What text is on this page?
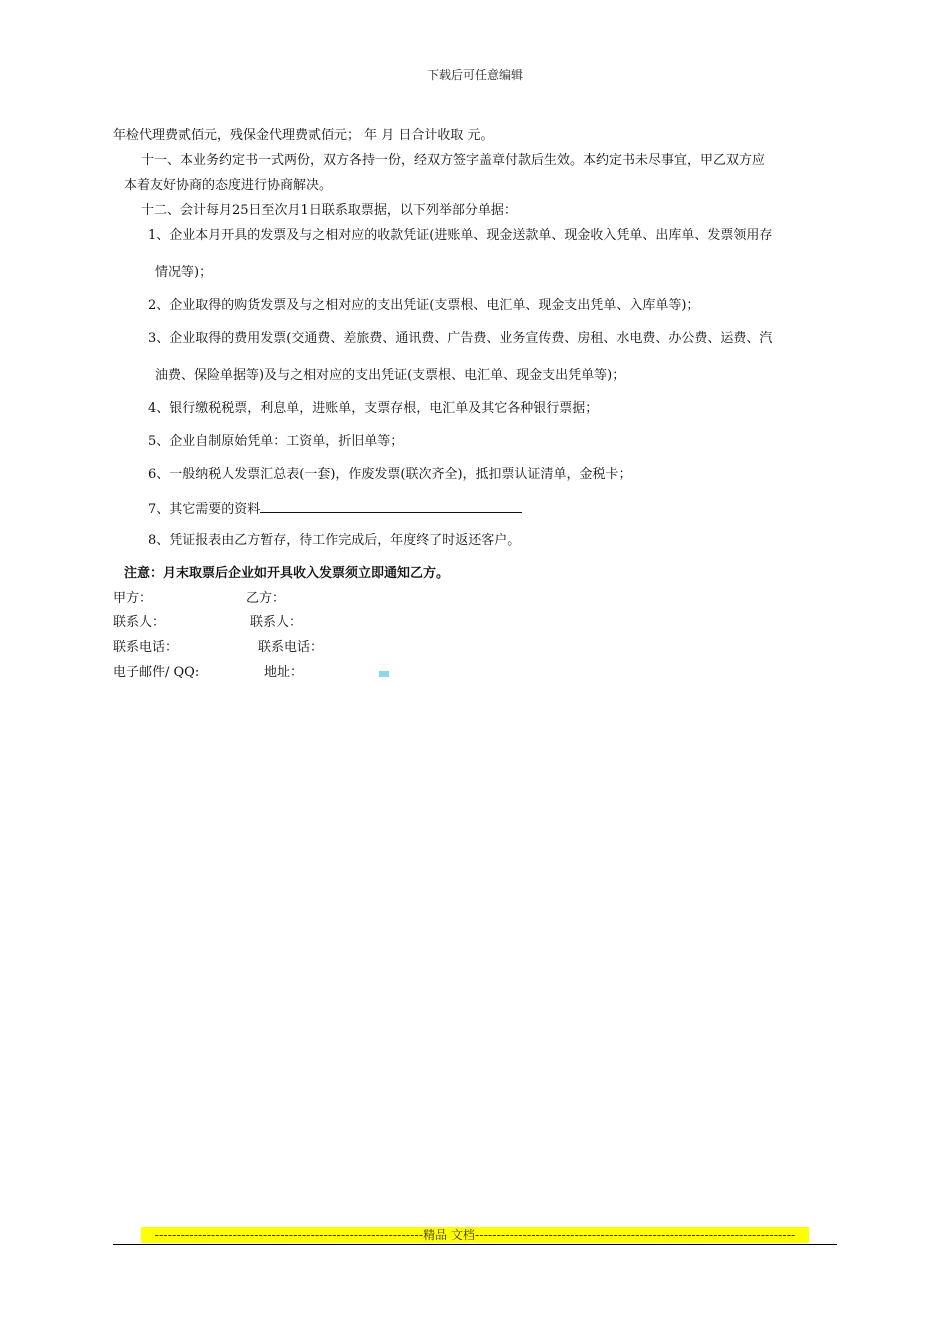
下载后可任意编辑
年检代理费贰佰元，残保金代理费贰佰元； 年 月 日合计收取 元。
十一、本业务约定书一式两份，双方各持一份，经双方签字盖章付款后生效。本约定书未尽事宜，甲乙双方应
本着友好协商的态度进行协商解决。
十二、会计每月25日至次月1日联系取票据，以下列举部分单据：
1、企业本月开具的发票及与之相对应的收款凭证(进账单、现金送款单、现金收入凭单、出库单、发票领用存
情况等)；
2、企业取得的购货发票及与之相对应的支出凭证(支票根、电汇单、现金支出凭单、入库单等)；
3、企业取得的费用发票(交通费、差旅费、通讯费、广告费、业务宣传费、房租、水电费、办公费、运费、汽
油费、保险单据等)及与之相对应的支出凭证(支票根、电汇单、现金支出凭单等)；
4、银行缴税税票，利息单，进账单，支票存根，电汇单及其它各种银行票据；
5、企业自制原始凭单：工资单，折旧单等；
6、一般纳税人发票汇总表(一套)，作废发票(联次齐全)，抵扣票认证清单，金税卡；
7、其它需要的资料
8、凭证报表由乙方暂存，待工作完成后，年度终了时返还客户。
注意：月末取票后企业如开具收入发票须立即通知乙方。
甲方：	乙方：
联系人：	联系人：
联系电话：	联系电话：
电子邮件/ QQ:	地址：
--------------------------------------------------------------精品 文档--------------------------------------------------------------------------
